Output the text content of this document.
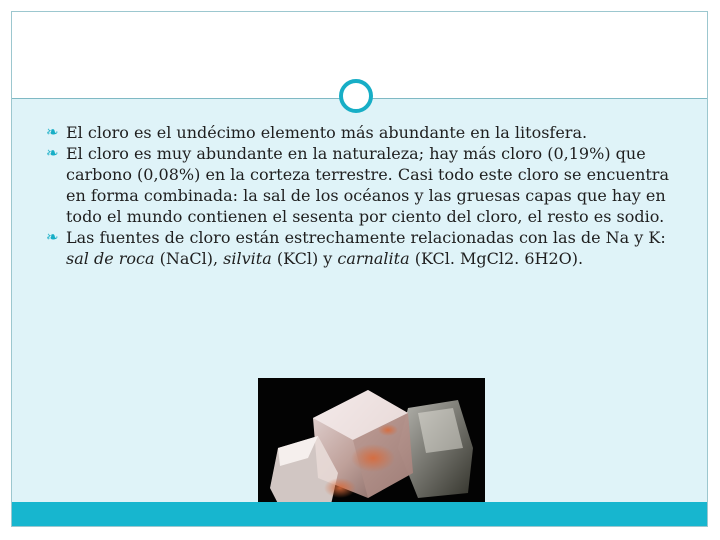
❧ El cloro es el undécimo elemento más abundante en la litosfera.
❧ El cloro es muy abundante en la naturaleza; hay más cloro (0,19%) que carbono (0,08%) en la corteza terrestre. Casi todo este cloro se encuentra en forma combinada: la sal de los océanos y las gruesas capas que hay en todo el mundo contienen el sesenta por ciento del cloro, el resto es sodio.
❧ Las fuentes de cloro están estrechamente relacionadas con las de Na y K: sal de roca (NaCl), silvita (KCl) y carnalita (KCl. MgCl2. 6H2O).
